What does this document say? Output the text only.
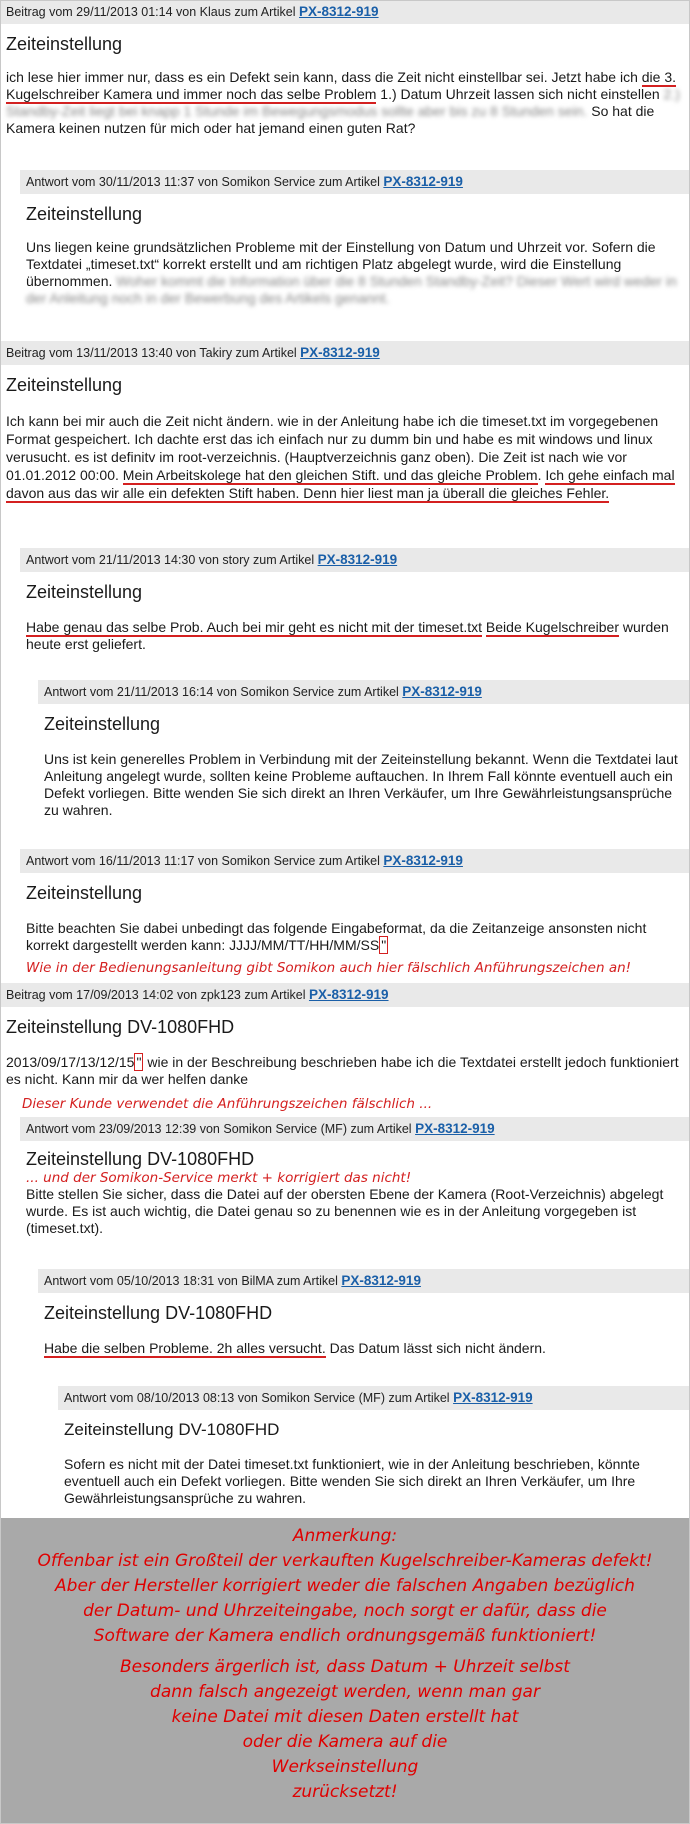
Beitrag vom 29/11/2013 01:14 von Klaus zum Artikel PX-8312-919
Zeiteinstellung
ich lese hier immer nur, dass es ein Defekt sein kann, dass die Zeit nicht einstellbar sei. Jetzt habe ich die 3. Kugelschreiber Kamera und immer noch das selbe Problem 1.) Datum Uhrzeit lassen sich nicht einstellen 2.) Standby-Zeit liegt bei knapp 1 Stunde im Bewegungsmodus sollte aber bis zu 8 Stunden sein. So hat die Kamera keinen nutzen für mich oder hat jemand einen guten Rat?
Antwort vom 30/11/2013 11:37 von Somikon Service zum Artikel PX-8312-919
Zeiteinstellung
Uns liegen keine grundsätzlichen Probleme mit der Einstellung von Datum und Uhrzeit vor. Sofern die Textdatei „timeset.txt“ korrekt erstellt und am richtigen Platz abgelegt wurde, wird die Einstellung übernommen. Woher kommt die Information über die 8 Stunden Standby-Zeit? Dieser Wert wird weder in der Anleitung noch in der Bewerbung des Artikels genannt.
Beitrag vom 13/11/2013 13:40 von Takiry zum Artikel PX-8312-919
Zeiteinstellung
Ich kann bei mir auch die Zeit nicht ändern. wie in der Anleitung habe ich die timeset.txt im vorgegebenen Format gespeichert. Ich dachte erst das ich einfach nur zu dumm bin und habe es mit windows und linux verusucht. es ist definitv im root-verzeichnis. (Hauptverzeichnis ganz oben). Die Zeit ist nach wie vor 01.01.2012 00:00. Mein Arbeitskolege hat den gleichen Stift. und das gleiche Problem. Ich gehe einfach mal davon aus das wir alle ein defekten Stift haben. Denn hier liest man ja überall die gleiches Fehler.
Antwort vom 21/11/2013 14:30 von story zum Artikel PX-8312-919
Zeiteinstellung
Habe genau das selbe Prob. Auch bei mir geht es nicht mit der timeset.txt Beide Kugelschreiber wurden heute erst geliefert.
Antwort vom 21/11/2013 16:14 von Somikon Service zum Artikel PX-8312-919
Zeiteinstellung
Uns ist kein generelles Problem in Verbindung mit der Zeiteinstellung bekannt. Wenn die Textdatei laut Anleitung angelegt wurde, sollten keine Probleme auftauchen. In Ihrem Fall könnte eventuell auch ein Defekt vorliegen. Bitte wenden Sie sich direkt an Ihren Verkäufer, um Ihre Gewährleistungsansprüche zu wahren.
Antwort vom 16/11/2013 11:17 von Somikon Service zum Artikel PX-8312-919
Zeiteinstellung
Bitte beachten Sie dabei unbedingt das folgende Eingabeformat, da die Zeitanzeige ansonsten nicht korrekt dargestellt werden kann: JJJJ/MM/TT/HH/MM/SS "
Wie in der Bedienungsanleitung gibt Somikon auch hier fälschlich Anführungszeichen an!
Beitrag vom 17/09/2013 14:02 von zpk123 zum Artikel PX-8312-919
Zeiteinstellung DV-1080FHD
2013/09/17/13/12/15 " wie in der Beschreibung beschrieben habe ich die Textdatei erstellt jedoch funktioniert es nicht. Kann mir da wer helfen danke
Dieser Kunde verwendet die Anführungszeichen fälschlich ...
Antwort vom 23/09/2013 12:39 von Somikon Service (MF) zum Artikel PX-8312-919
Zeiteinstellung DV-1080FHD
... und der Somikon-Service merkt + korrigiert das nicht!
Bitte stellen Sie sicher, dass die Datei auf der obersten Ebene der Kamera (Root-Verzeichnis) abgelegt wurde. Es ist auch wichtig, die Datei genau so zu benennen wie es in der Anleitung vorgegeben ist (timeset.txt).
Antwort vom 05/10/2013 18:31 von BilMA zum Artikel PX-8312-919
Zeiteinstellung DV-1080FHD
Habe die selben Probleme. 2h alles versucht. Das Datum lässt sich nicht ändern.
Antwort vom 08/10/2013 08:13 von Somikon Service (MF) zum Artikel PX-8312-919
Zeiteinstellung DV-1080FHD
Sofern es nicht mit der Datei timeset.txt funktioniert, wie in der Anleitung beschrieben, könnte eventuell auch ein Defekt vorliegen. Bitte wenden Sie sich direkt an Ihren Verkäufer, um Ihre Gewährleistungsansprüche zu wahren.

Anmerkung:

Offenbar ist ein Großteil der verkauften Kugelschreiber-Kameras defekt!

Aber der Hersteller korrigiert weder die falschen Angaben bezüglich

der Datum- und Uhrzeiteingabe, noch sorgt er dafür, dass die

Software der Kamera endlich ordnungsgemäß funktioniert!

Besonders ärgerlich ist, dass Datum + Uhrzeit selbst

dann falsch angezeigt werden, wenn man gar

keine Datei mit diesen Daten erstellt hat

oder die Kamera auf die

Werkseinstellung

zurücksetzt!
